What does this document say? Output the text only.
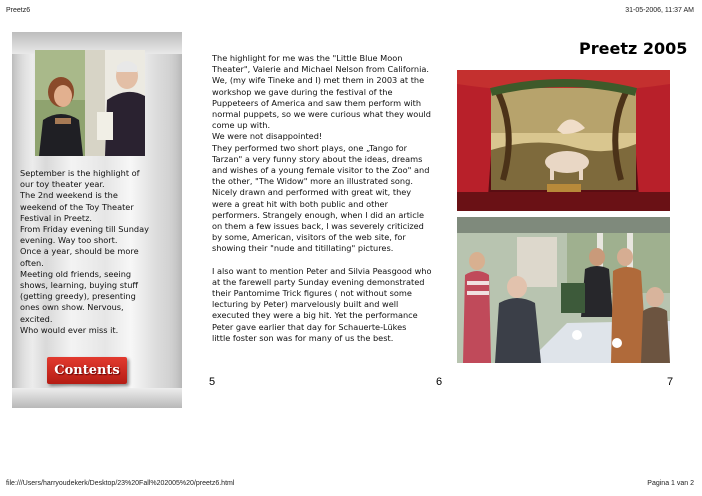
Preetz6	31-05-2006, 11:37 AM
September is the highlight of
our toy theater year.
The 2nd weekend is the
weekend of the Toy Theater
Festival in Preetz.
From Friday evening till Sunday
evening. Way too short.
Once a year, should be more
often.
Meeting old friends, seeing
shows, learning, buying stuff
(getting greedy), presenting
ones own show. Nervous,
excited.
Who would ever miss it.
Contents
5
The highlight for me was the "Little Blue Moon
Theater", Valerie and Michael Nelson from California.
We, (my wife Tineke and I) met them in 2003 at the
workshop we gave during the festival of the
Puppeteers of America and saw them perform with
normal puppets, so we were curious what they would
come up with.
We were not disappointed!
They performed two short plays, one „Tango for
Tarzan" a very funny story about the ideas, dreams
and wishes of a young female visitor to the Zoo" and
the other, "The Widow" more an illustrated song.
Nicely drawn and performed with great wit, they
were a great hit with both public and other
performers. Strangely enough, when I did an article
on them a few issues back, I was severely criticized
by some, American, visitors of the web site, for
showing their "nude and titillating" pictures.
I also want to mention Peter and Silvia Peasgood who
at the farewell party Sunday evening demonstrated
their Pantomime Trick figures ( not without some
lecturing by Peter) marvelously built and well
executed they were a big hit. Yet the performance
Peter gave earlier that day for Schauerte-Lükes
little foster son was for many of us the best.
6
Preetz 2005
7
file:///Users/harryoudekerk/Desktop/23%20Fall%202005%20/preetz6.html	Pagina 1 van 2
